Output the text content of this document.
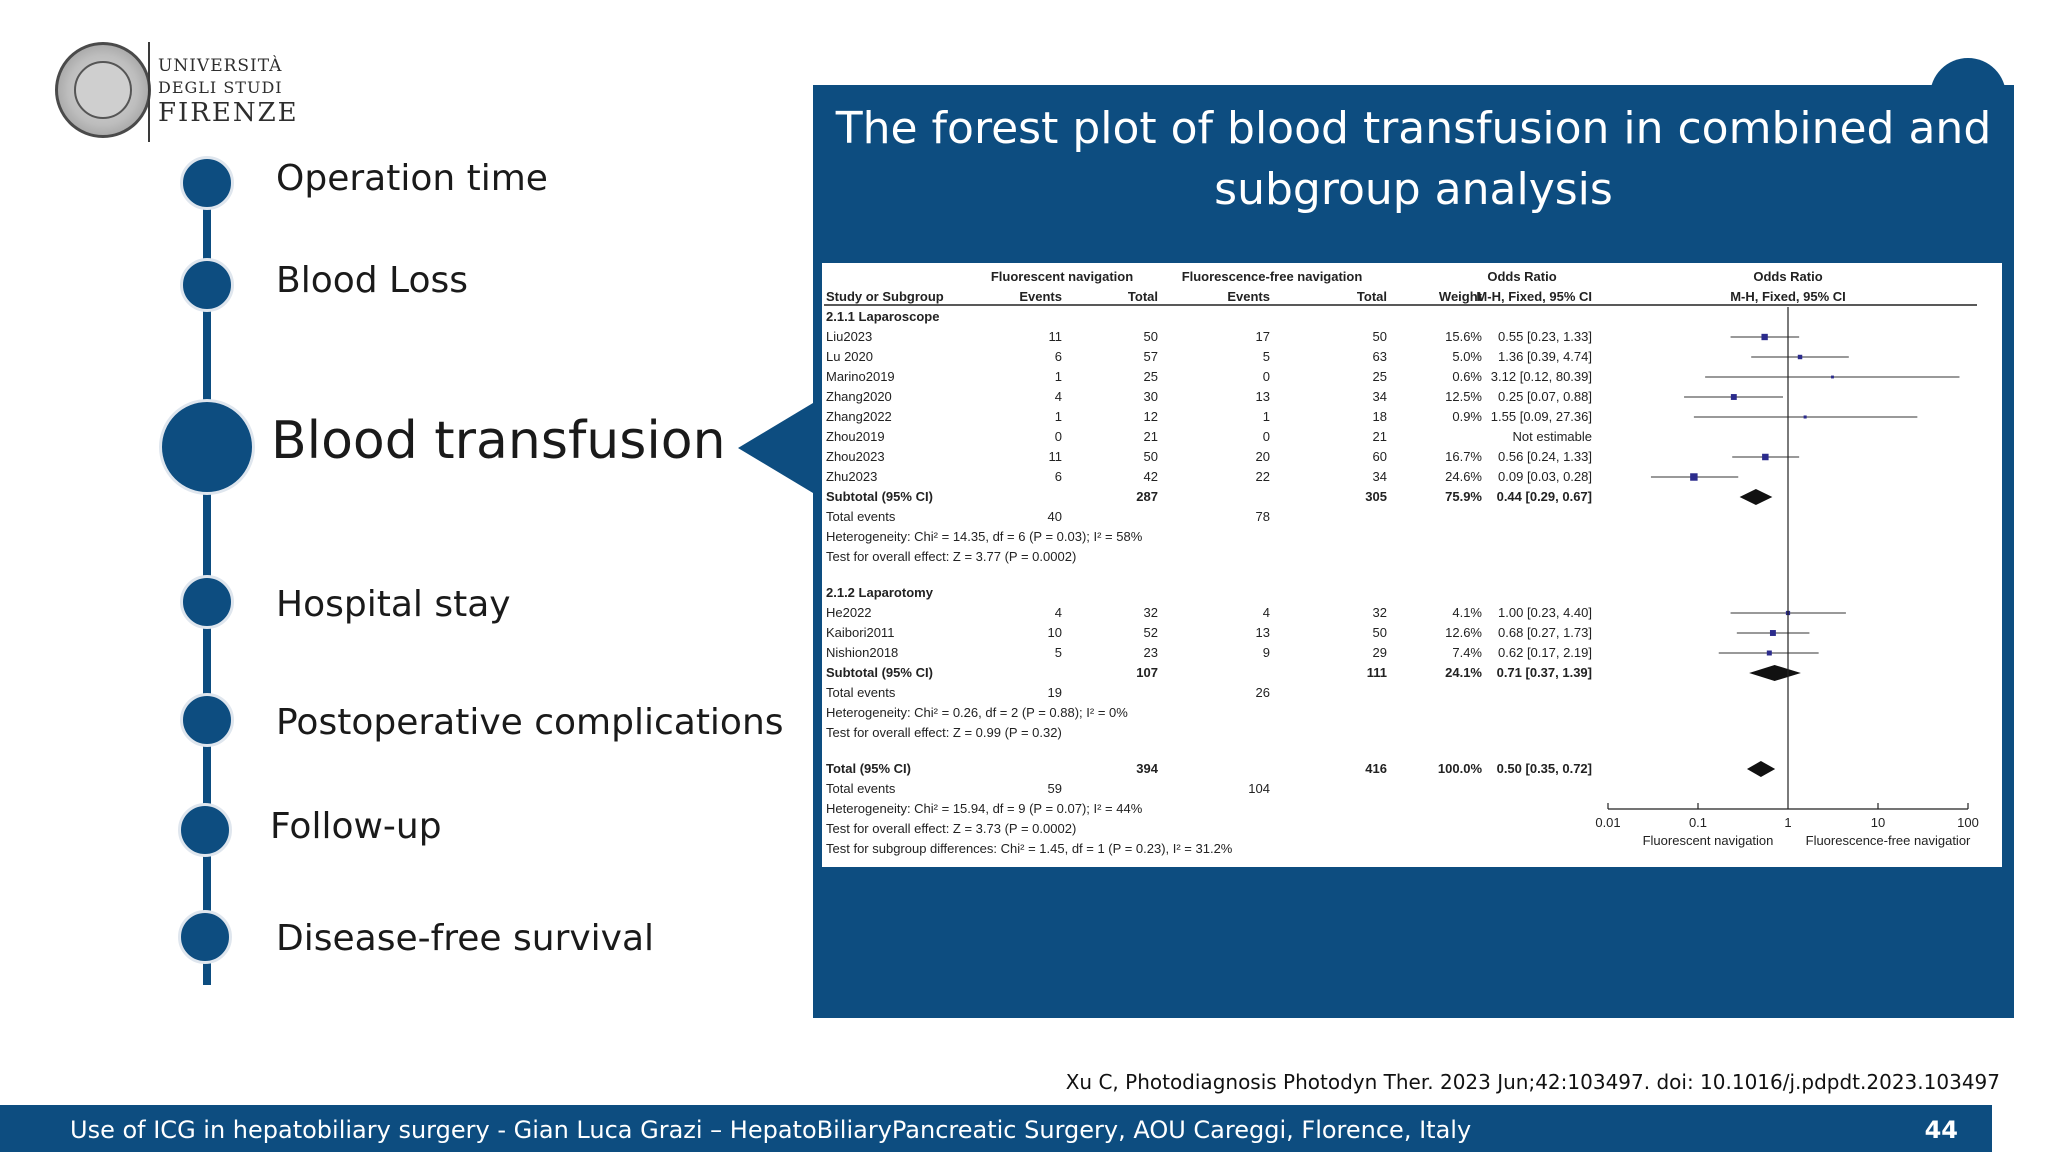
UNIVERSITÀ
DEGLI STUDI
FIRENZE
Operation time
Blood Loss
Blood transfusion
Hospital stay
Postoperative complications
Follow-up
Disease-free survival
The forest plot of blood transfusion in combined and
subgroup analysis
Fluorescent navigation	Fluorescence-free navigation	Odds Ratio	Odds Ratio
Study or Subgroup	Events	Total	Events	Total	Weight
M-H, Fixed, 95% CI	M-H, Fixed, 95% CI
2.1.1 Laparoscope
Liu2023	11	50	17	50	15.6% 0.55 [0.23, 1.33]
Lu 2020	6	57	5	63	5.0% 1.36 [0.39, 4.74]
Marino2019	1	25	0	25	0.6% 3.12 [0.12, 80.39]
Zhang2020	4	30	13	34	12.5% 0.25 [0.07, 0.88]
Zhang2022	1	12	1	18	0.9% 1.55 [0.09, 27.36]
Zhou2019	0	21	0	21	Not estimable
Zhou2023	11	50	20	60	16.7% 0.56 [0.24, 1.33]
Zhu2023	6	42	22	34	24.6% 0.09 [0.03, 0.28]
Subtotal (95% CI)	287	305	75.9% 0.44 [0.29, 0.67]
Total events	40	78
Heterogeneity: Chi² = 14.35, df = 6 (P = 0.03); I² = 58%
Test for overall effect: Z = 3.77 (P = 0.0002)
2.1.2 Laparotomy
He2022	4	32	4	32	4.1% 1.00 [0.23, 4.40]
Kaibori2011	10	52	13	50	12.6% 0.68 [0.27, 1.73]
Nishion2018	5	23	9	29	7.4% 0.62 [0.17, 2.19]
Subtotal (95% CI)	107	111	24.1% 0.71 [0.37, 1.39]
Total events	19	26
Heterogeneity: Chi² = 0.26, df = 2 (P = 0.88); I² = 0%
Test for overall effect: Z = 0.99 (P = 0.32)
Total (95% CI)	394	416	100.0% 0.50 [0.35, 0.72]
Total events	59	104
Heterogeneity: Chi² = 15.94, df = 9 (P = 0.07); I² = 44%
Test for overall effect: Z = 3.73 (P = 0.0002)
Test for subgroup differences: Chi² = 1.45, df = 1 (P = 0.23), I² = 31.2%
0.01	0.1	1	10	100
Fluorescent navigation Fluorescence-free navigatior
Xu C, Photodiagnosis Photodyn Ther. 2023 Jun;42:103497. doi: 10.1016/j.pdpdt.2023.103497
Use of ICG in hepatobiliary surgery - Gian Luca Grazi – HepatoBiliaryPancreatic Surgery, AOU Careggi, Florence, Italy	44
